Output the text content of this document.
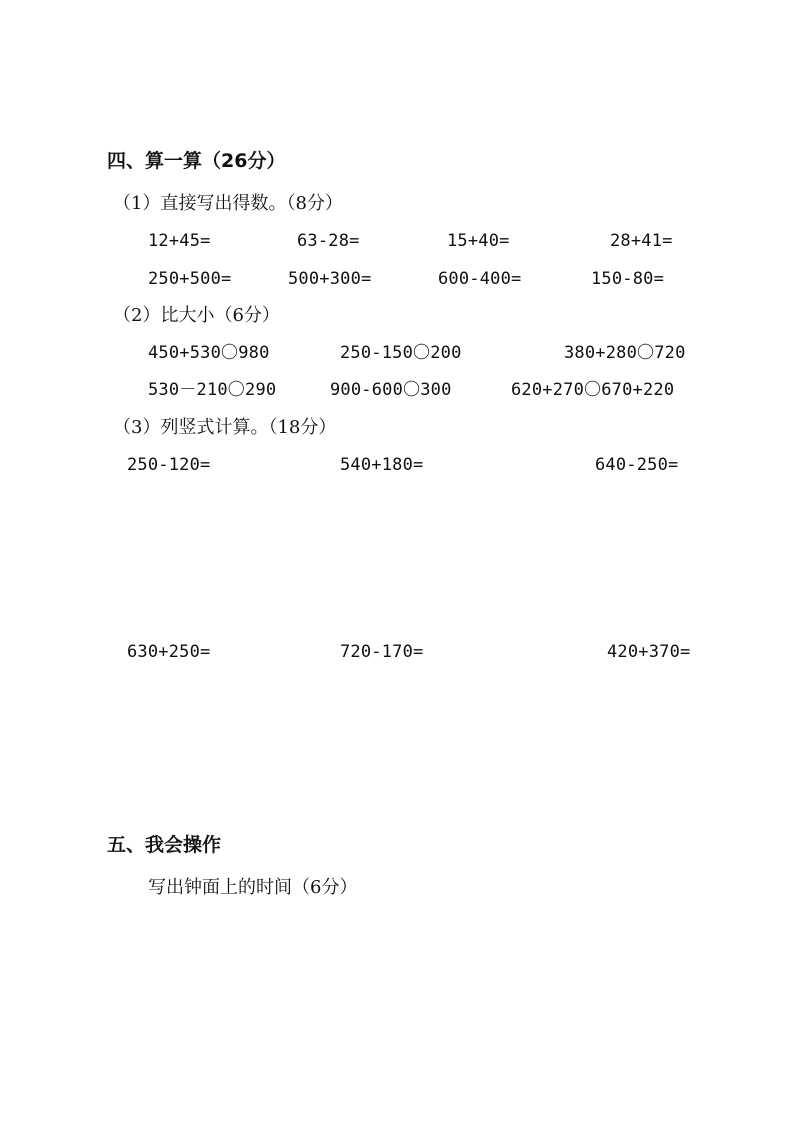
四、算一算（26分）
（1）直接写出得数。（8分）
12+45=	63-28=	15+40=	28+41=
250+500=	500+300=	600-400=	150-80=
（2）比大小（6分）
450+530〇980	250-150〇200	380+280〇720
530－210〇290	900-600〇300	620+270〇670+220
（3）列竖式计算。（18分）
250-120=	540+180=	640-250=
630+250=	720-170=	420+370=
五、我会操作
写出钟面上的时间（6分）
